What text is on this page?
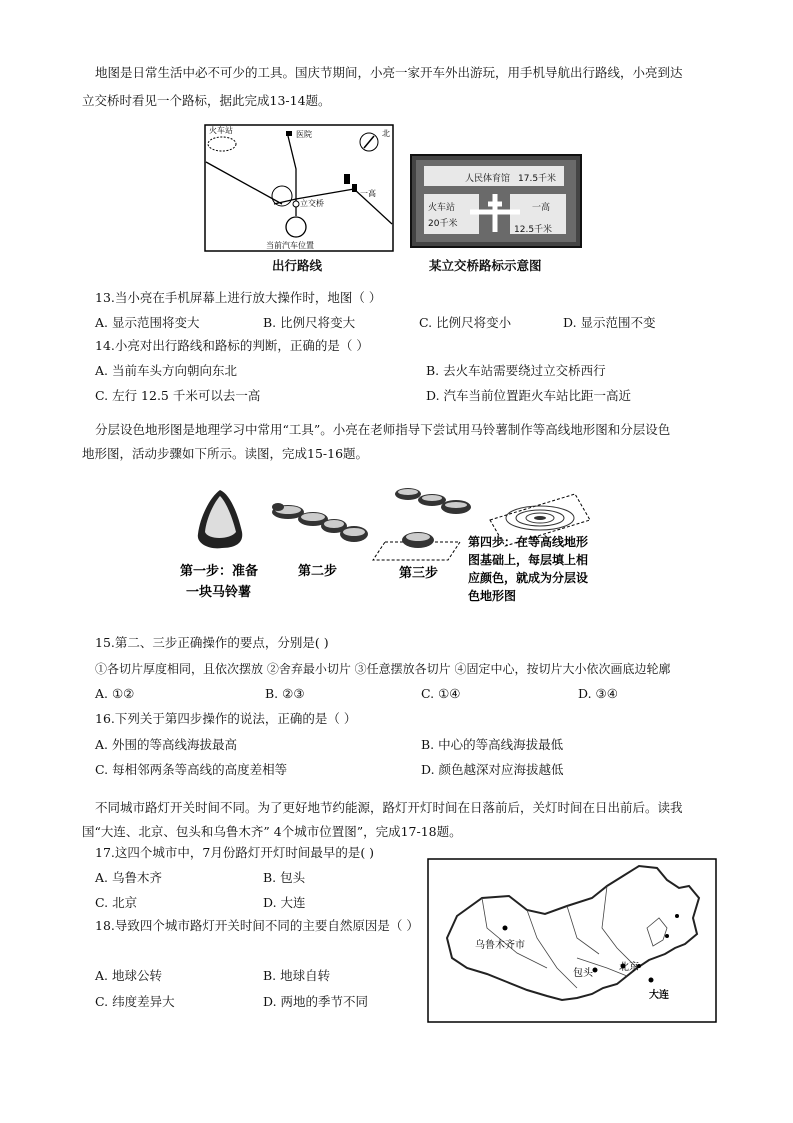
地图是日常生活中必不可少的工具。国庆节期间，小亮一家开车外出游玩，用手机导航出行路线，小亮到达
立交桥时看见一个路标，据此完成13-14题。
火车站	医院	北
立交桥
一高
当前汽车位置
出行路线
人民体育馆 17.5千米
火车站
20千米
一高
12.5千米
某立交桥路标示意图
13.当小亮在手机屏幕上进行放大操作时，地图（ ）
A. 显示范围将变大	B. 比例尺将变大	C. 比例尺将变小	D. 显示范围不变
14.小亮对出行路线和路标的判断，正确的是（ ）
A. 当前车头方向朝向东北	B. 去火车站需要绕过立交桥西行
C. 左行 12.5 千米可以去一高	D. 汽车当前位置距火车站比距一高近
分层设色地形图是地理学习中常用“工具”。小亮在老师指导下尝试用马铃薯制作等高线地形图和分层设色
地形图，活动步骤如下所示。读图，完成15-16题。
第一步：准备
一块马铃薯
第二步	第三步
第四步：在等高线地形
图基础上，每层填上相
应颜色，就成为分层设
色地形图
15.第二、三步正确操作的要点，分别是( )
①各切片厚度相同，且依次摆放 ②舍弃最小切片 ③任意摆放各切片 ④固定中心，按切片大小依次画底边轮廓
A. ①②	B. ②③	C. ①④	D. ③④
16.下列关于第四步操作的说法，正确的是（ ）
A. 外围的等高线海拔最高	B. 中心的等高线海拔最低
C. 每相邻两条等高线的高度差相等	D. 颜色越深对应海拔越低
不同城市路灯开关时间不同。为了更好地节约能源，路灯开灯时间在日落前后，关灯时间在日出前后。读我
国“大连、北京、包头和乌鲁木齐” 4个城市位置图”，完成17-18题。
17.这四个城市中，7月份路灯开灯时间最早的是( )
A. 乌鲁木齐	B. 包头
C. 北京	D. 大连
18.导致四个城市路灯开关时间不同的主要自然原因是（ ）
A. 地球公转	B. 地球自转
C. 纬度差异大	D. 两地的季节不同
乌鲁木齐市
包头
北京
大连
